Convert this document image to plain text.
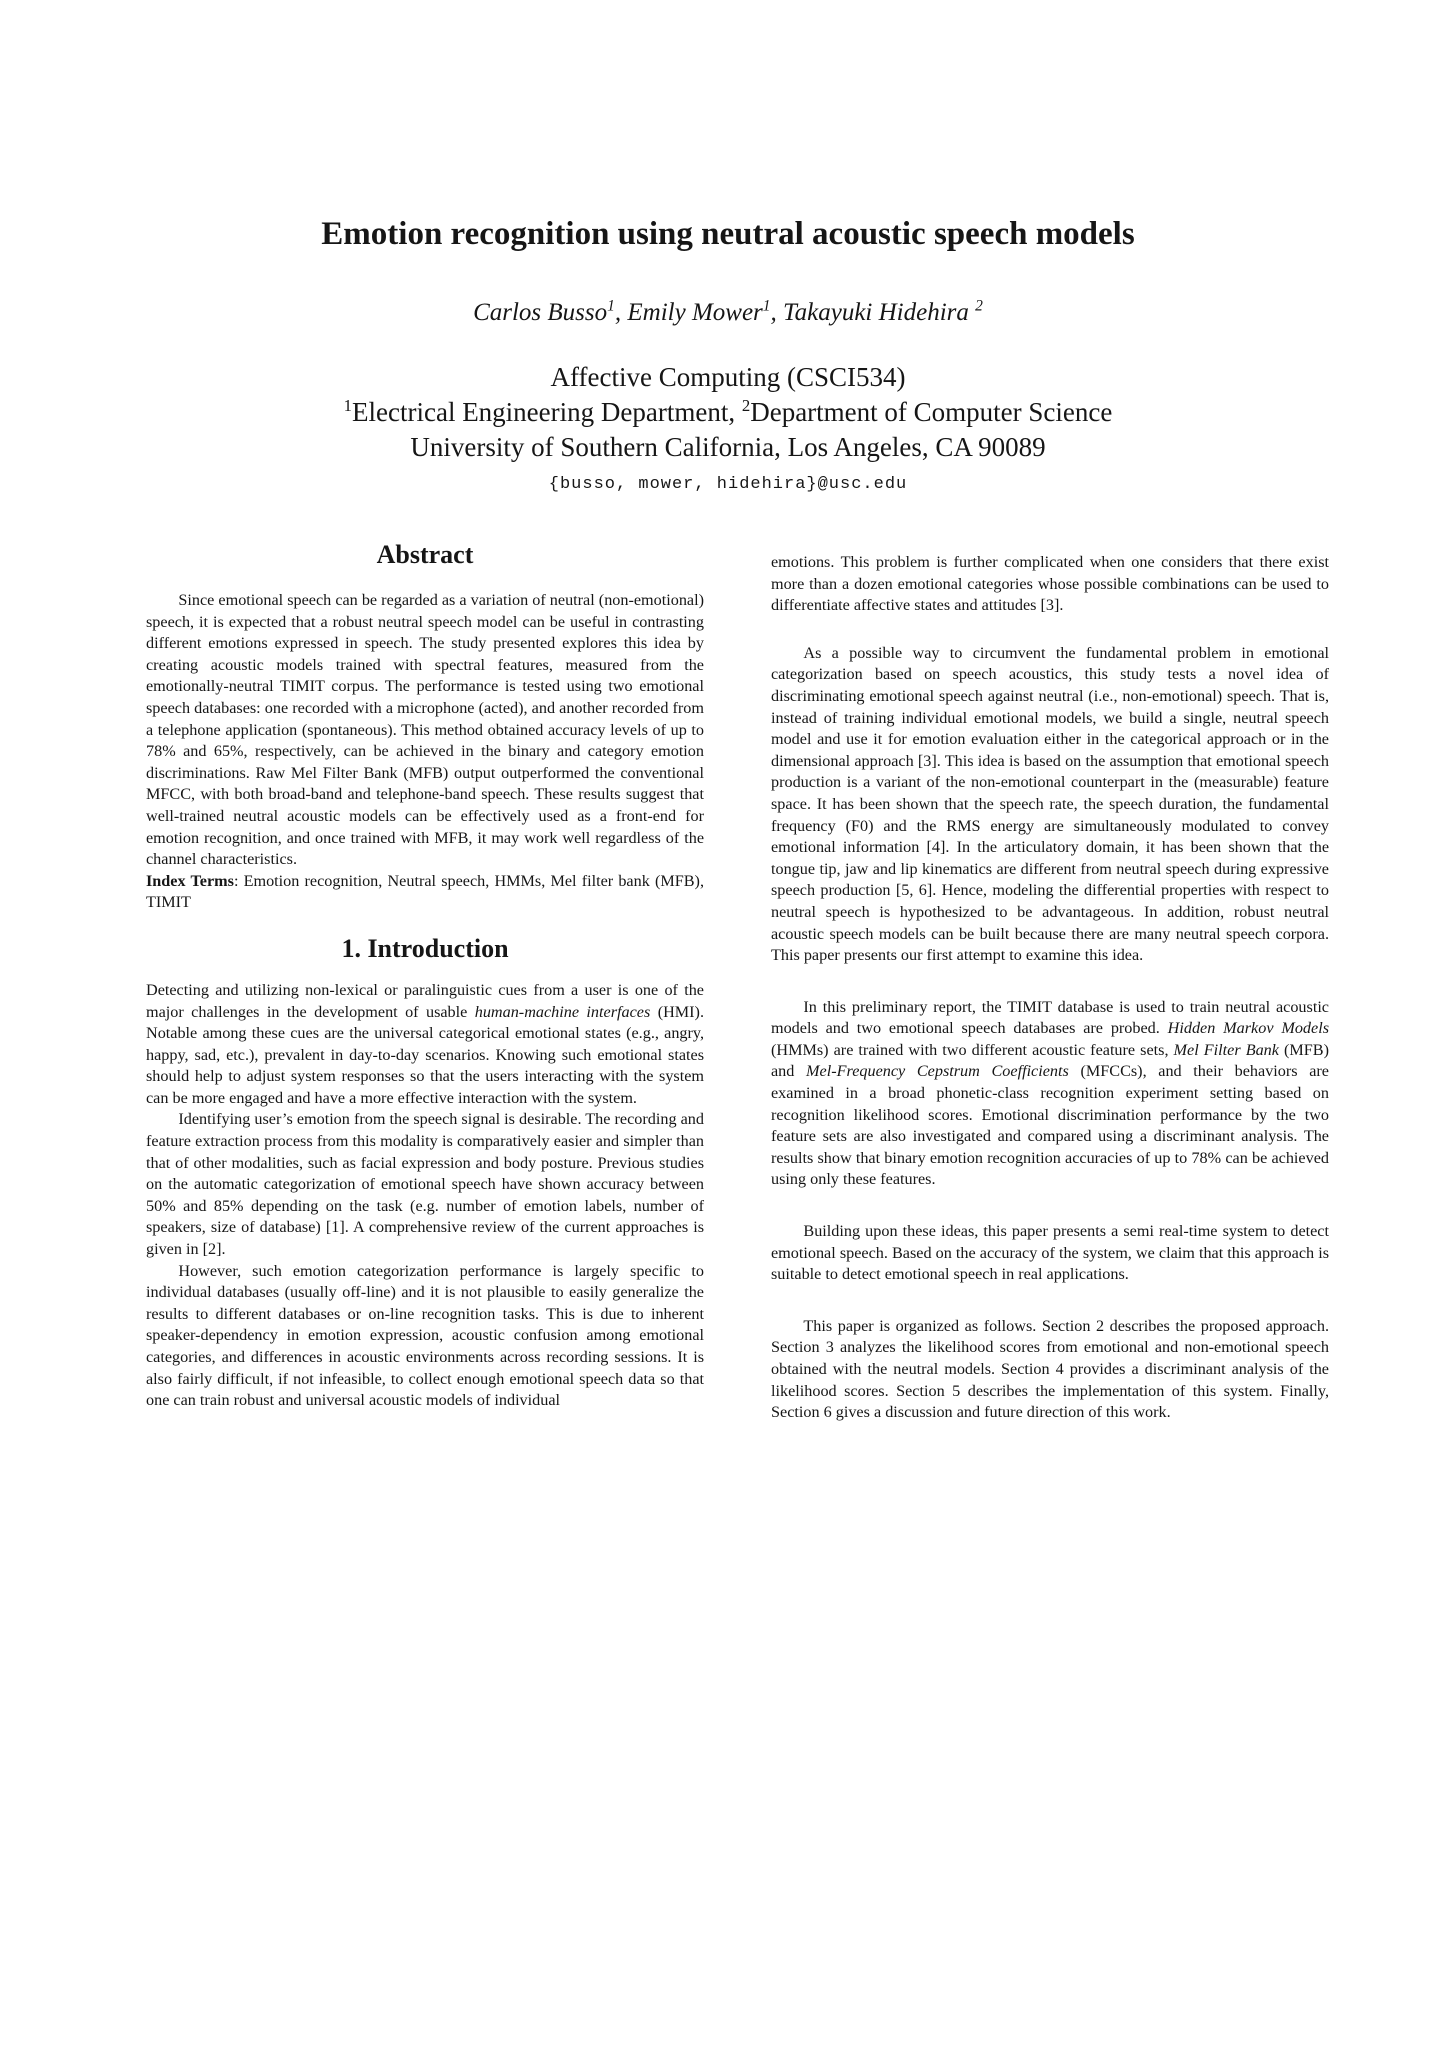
Emotion recognition using neutral acoustic speech models
Carlos Busso$^1$, Emily Mower$^1$, Takayuki Hidehira $^2$
Affective Computing (CSCI534)
$^1$Electrical Engineering Department, $^2$Department of Computer Science
University of Southern California, Los Angeles, CA 90089
{busso, mower, hidehira}@usc.edu
Abstract

Since emotional speech can be regarded as a variation of neutral (non-emotional) speech, it is expected that a robust neutral speech model can be useful in contrasting different emotions expressed in speech. The study presented explores this idea by creating acoustic models trained with spectral features, measured from the emotionally-neutral TIMIT corpus. The performance is tested using two emotional speech databases: one recorded with a microphone (acted), and another recorded from a telephone application (spontaneous). This method obtained accuracy levels of up to 78% and 65%, respectively, can be achieved in the binary and category emotion discriminations. Raw Mel Filter Bank (MFB) output outperformed the conventional MFCC, with both broad-band and telephone-band speech. These results suggest that well-trained neutral acoustic models can be effectively used as a front-end for emotion recognition, and once trained with MFB, it may work well regardless of the channel characteristics.

Index Terms: Emotion recognition, Neutral speech, HMMs, Mel filter bank (MFB), TIMIT

1. Introduction

Detecting and utilizing non-lexical or paralinguistic cues from a user is one of the major challenges in the development of usable human-machine interfaces (HMI). Notable among these cues are the universal categorical emotional states (e.g., angry, happy, sad, etc.), prevalent in day-to-day scenarios. Knowing such emotional states should help to adjust system responses so that the users interacting with the system can be more engaged and have a more effective interaction with the system.

Identifying user’s emotion from the speech signal is desirable. The recording and feature extraction process from this modality is comparatively easier and simpler than that of other modalities, such as facial expression and body posture. Previous studies on the automatic categorization of emotional speech have shown accuracy between 50% and 85% depending on the task (e.g. number of emotion labels, number of speakers, size of database) [1]. A comprehensive review of the current approaches is given in [2].

However, such emotion categorization performance is largely specific to individual databases (usually off-line) and it is not plausible to easily generalize the results to different databases or on-line recognition tasks. This is due to inherent speaker-dependency in emotion expression, acoustic confusion among emotional categories, and differences in acoustic environments across recording sessions. It is also fairly difficult, if not infeasible, to collect enough emotional speech data so that one can train robust and universal acoustic models of individual

emotions. This problem is further complicated when one considers that there exist more than a dozen emotional categories whose possible combinations can be used to differentiate affective states and attitudes [3].

As a possible way to circumvent the fundamental problem in emotional categorization based on speech acoustics, this study tests a novel idea of discriminating emotional speech against neutral (i.e., non-emotional) speech. That is, instead of training individual emotional models, we build a single, neutral speech model and use it for emotion evaluation either in the categorical approach or in the dimensional approach [3]. This idea is based on the assumption that emotional speech production is a variant of the non-emotional counterpart in the (measurable) feature space. It has been shown that the speech rate, the speech duration, the fundamental frequency (F0) and the RMS energy are simultaneously modulated to convey emotional information [4]. In the articulatory domain, it has been shown that the tongue tip, jaw and lip kinematics are different from neutral speech during expressive speech production [5, 6]. Hence, modeling the differential properties with respect to neutral speech is hypothesized to be advantageous. In addition, robust neutral acoustic speech models can be built because there are many neutral speech corpora. This paper presents our first attempt to examine this idea.

In this preliminary report, the TIMIT database is used to train neutral acoustic models and two emotional speech databases are probed. Hidden Markov Models (HMMs) are trained with two different acoustic feature sets, Mel Filter Bank (MFB) and Mel-Frequency Cepstrum Coefficients (MFCCs), and their behaviors are examined in a broad phonetic-class recognition experiment setting based on recognition likelihood scores. Emotional discrimination performance by the two feature sets are also investigated and compared using a discriminant analysis. The results show that binary emotion recognition accuracies of up to 78% can be achieved using only these features.

Building upon these ideas, this paper presents a semi real-time system to detect emotional speech. Based on the accuracy of the system, we claim that this approach is suitable to detect emotional speech in real applications.

This paper is organized as follows. Section 2 describes the proposed approach. Section 3 analyzes the likelihood scores from emotional and non-emotional speech obtained with the neutral models. Section 4 provides a discriminant analysis of the likelihood scores. Section 5 describes the implementation of this system. Finally, Section 6 gives a discussion and future direction of this work.
